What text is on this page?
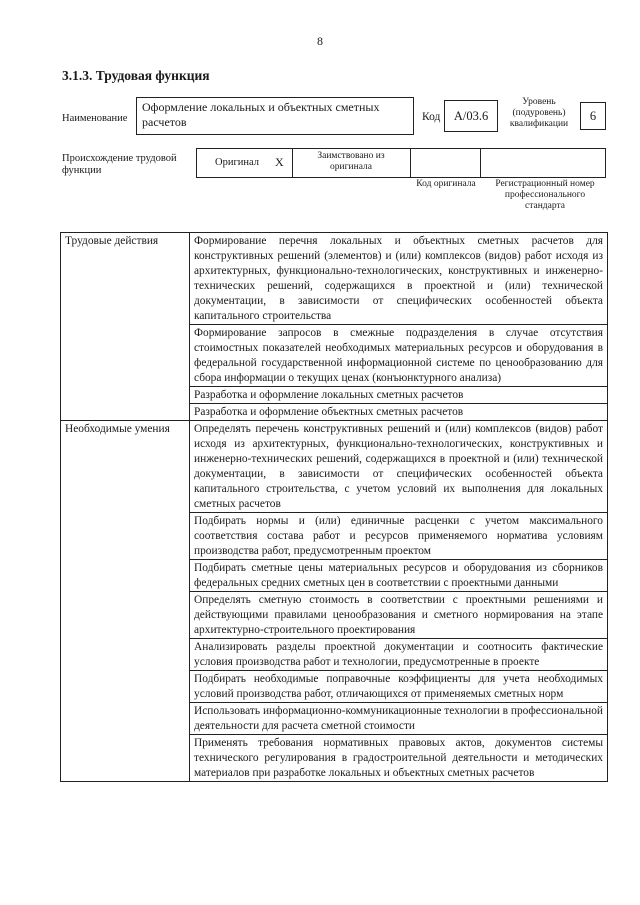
8
3.1.3. Трудовая функция
Наименование
Оформление локальных и объектных сметных расчетов	Код	А/03.6
Уровень (подуровень) квалификации
6
Происхождение трудовой функции
Оригинал X	Заимствовано из оригинала
Код оригинала	Регистрационный номер профессионального стандарта
Трудовые действия	Формирование перечня локальных и объектных сметных расчетов для конструктивных решений (элементов) и (или) комплексов (видов) работ исходя из архитектурных, функционально-технологических, конструктивных и инженерно-технических решений, содержащихся в проектной и (или) технической документации, в зависимости от специфических особенностей объекта капитального строительства
	Формирование запросов в смежные подразделения в случае отсутствия стоимостных показателей необходимых материальных ресурсов и оборудования в федеральной государственной информационной системе по ценообразованию для сбора информации о текущих ценах (конъюнктурного анализа)
	Разработка и оформление локальных сметных расчетов
	Разработка и оформление объектных сметных расчетов
Необходимые умения	Определять перечень конструктивных решений и (или) комплексов (видов) работ исходя из архитектурных, функционально-технологических, конструктивных и инженерно-технических решений, содержащихся в проектной и (или) технической документации, в зависимости от специфических особенностей объекта капитального строительства, с учетом условий их выполнения для локальных сметных расчетов
	Подбирать нормы и (или) единичные расценки с учетом максимального соответствия состава работ и ресурсов применяемого норматива условиям производства работ, предусмотренным проектом
	Подбирать сметные цены материальных ресурсов и оборудования из сборников федеральных средних сметных цен в соответствии с проектными данными
	Определять сметную стоимость в соответствии с проектными решениями и действующими правилами ценообразования и сметного нормирования на этапе архитектурно-строительного проектирования
	Анализировать разделы проектной документации и соотносить фактические условия производства работ и технологии, предусмотренные в проекте
	Подбирать необходимые поправочные коэффициенты для учета необходимых условий производства работ, отличающихся от применяемых сметных норм
	Использовать информационно-коммуникационные технологии в профессиональной деятельности для расчета сметной стоимости
	Применять требования нормативных правовых актов, документов системы технического регулирования в градостроительной деятельности и методических материалов при разработке локальных и объектных сметных расчетов
